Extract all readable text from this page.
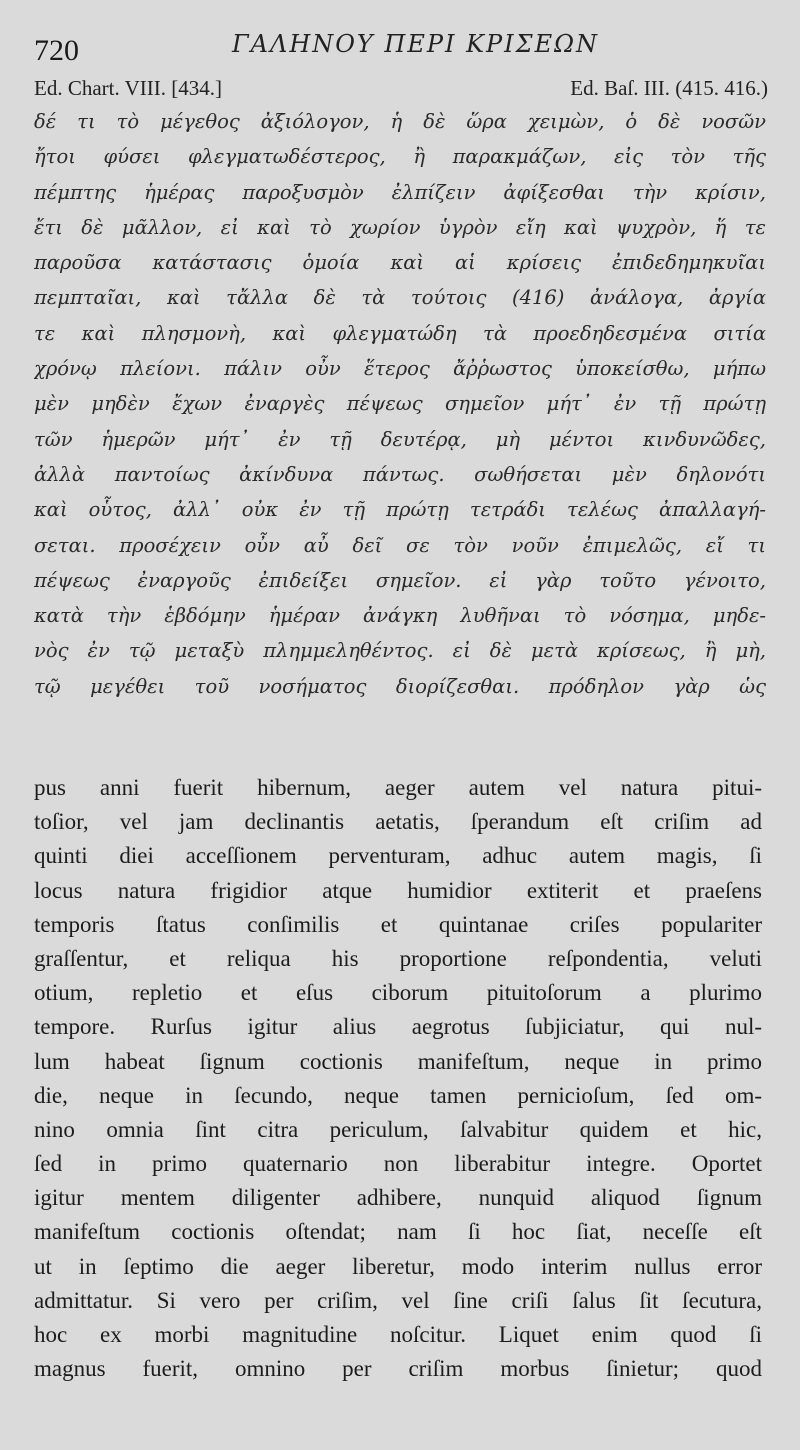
720	ΓΑΛΗΝΟΥ ΠΕΡΙ ΚΡΙΣΕΩΝ
Ed. Chart. VIII. [434.]	Ed. Baſ. III. (415. 416.)
δέ τι τὸ μέγεθος ἀξιόλογον, ἡ δὲ ὥρα χειμὼν, ὁ δὲ νοσῶν
ἤτοι φύσει φλεγματωδέστερος, ἢ παρακμάζων, εἰς τὸν τῆς
πέμπτης ἡμέρας παροξυσμὸν ἐλπίζειν ἀφίξεσθαι τὴν κρίσιν,
ἔτι δὲ μᾶλλον, εἰ καὶ τὸ χωρίον ὑγρὸν εἴη καὶ ψυχρὸν, ἥ τε
παροῦσα κατάστασις ὁμοία καὶ αἱ κρίσεις ἐπιδεδημηκυῖαι
πεμπταῖαι, καὶ τἄλλα δὲ τὰ τούτοις (416) ἀνάλογα, ἀργία
τε καὶ πλησμονὴ, καὶ φλεγματώδη τὰ προεδηδεσμένα σιτία
χρόνῳ πλείονι. πάλιν οὖν ἕτερος ἄῤῥωστος ὑποκείσθω, μήπω
μὲν μηδὲν ἔχων ἐναργὲς πέψεως σημεῖον μήτ᾽ ἐν τῇ πρώτῃ
τῶν ἡμερῶν μήτ᾽ ἐν τῇ δευτέρᾳ, μὴ μέντοι κινδυνῶδες,
ἀλλὰ παντοίως ἀκίνδυνα πάντως. σωθήσεται μὲν δηλονότι
καὶ οὗτος, ἀλλ᾽ οὐκ ἐν τῇ πρώτῃ τετράδι τελέως ἀπαλλαγή-
σεται. προσέχειν οὖν αὖ δεῖ σε τὸν νοῦν ἐπιμελῶς, εἴ τι
πέψεως ἐναργοῦς ἐπιδείξει σημεῖον. εἰ γὰρ τοῦτο γένοιτο,
κατὰ τὴν ἑβδόμην ἡμέραν ἀνάγκη λυθῆναι τὸ νόσημα, μηδε-
νὸς ἐν τῷ μεταξὺ πλημμεληθέντος. εἰ δὲ μετὰ κρίσεως, ἢ μὴ,
τῷ μεγέθει τοῦ νοσήματος διορίζεσθαι. πρόδηλον γὰρ ὡς
pus anni fuerit hibernum, aeger autem vel natura pitui-
toſior, vel jam declinantis aetatis, ſperandum eſt criſim ad
quinti diei acceſſionem perventuram, adhuc autem magis, ſi
locus natura frigidior atque humidior extiterit et praeſens
temporis ſtatus conſimilis et quintanae criſes populariter
graſſentur, et reliqua his proportione reſpondentia, veluti
otium, repletio et eſus ciborum pituitoſorum a plurimo
tempore. Rurſus igitur alius aegrotus ſubjiciatur, qui nul-
lum habeat ſignum coctionis manifeſtum, neque in primo
die, neque in ſecundo, neque tamen pernicioſum, ſed om-
nino omnia ſint citra periculum, ſalvabitur quidem et hic,
ſed in primo quaternario non liberabitur integre. Oportet
igitur mentem diligenter adhibere, nunquid aliquod ſignum
manifeſtum coctionis oſtendat; nam ſi hoc ſiat, neceſſe eſt
ut in ſeptimo die aeger liberetur, modo interim nullus error
admittatur. Si vero per criſim, vel ſine criſi ſalus ſit ſecutura,
hoc ex morbi magnitudine noſcitur. Liquet enim quod ſi
magnus fuerit, omnino per criſim morbus ſinietur; quod
